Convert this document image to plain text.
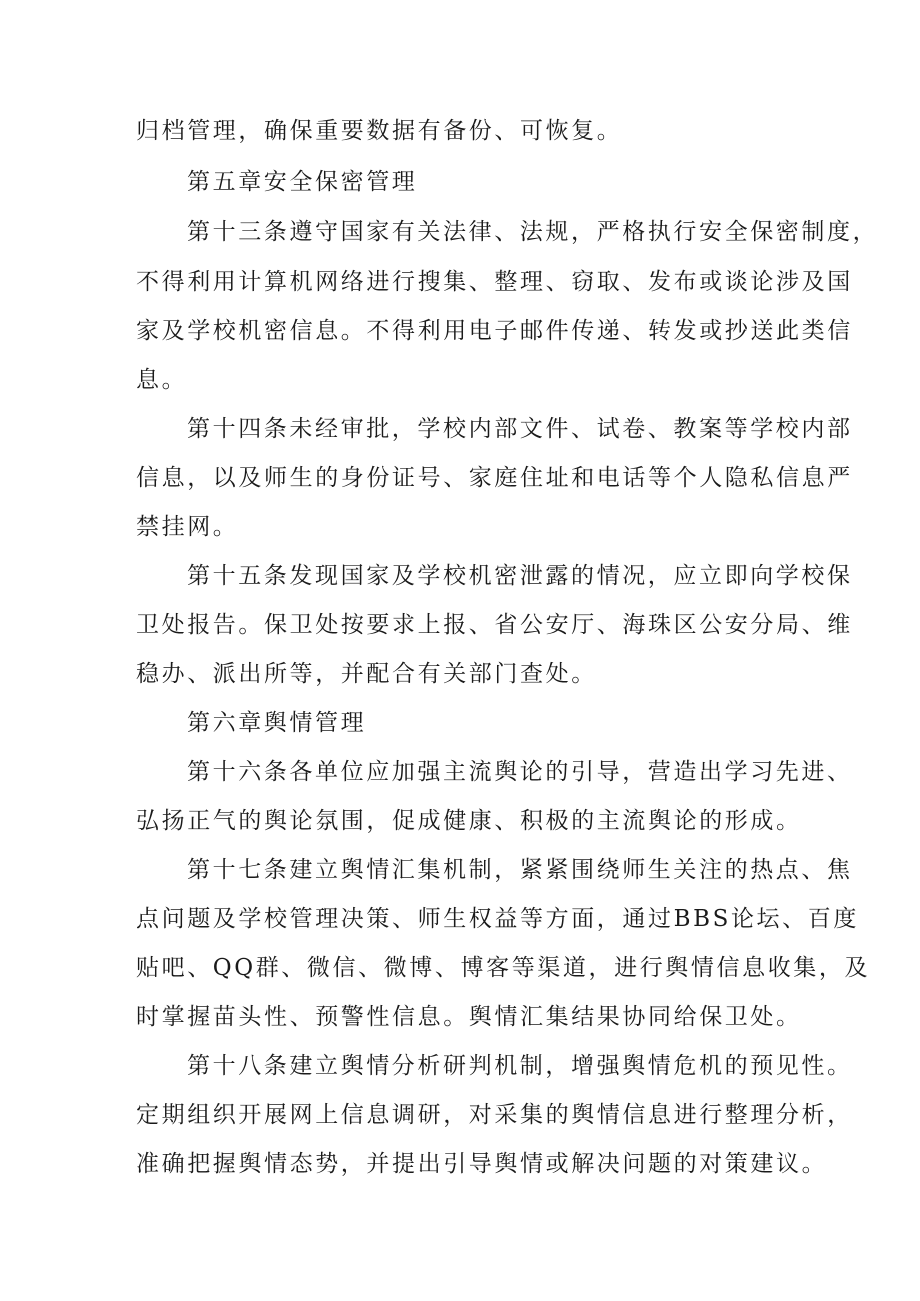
归档管理，确保重要数据有备份、可恢复。
第五章安全保密管理
第十三条遵守国家有关法律、法规，严格执行安全保密制度，
不得利用计算机网络进行搜集、整理、窃取、发布或谈论涉及国
家及学校机密信息。不得利用电子邮件传递、转发或抄送此类信
息。
第十四条未经审批，学校内部文件、试卷、教案等学校内部
信息，以及师生的身份证号、家庭住址和电话等个人隐私信息严
禁挂网。
第十五条发现国家及学校机密泄露的情况，应立即向学校保
卫处报告。保卫处按要求上报、省公安厅、海珠区公安分局、维
稳办、派出所等，并配合有关部门查处。
第六章舆情管理
第十六条各单位应加强主流舆论的引导，营造出学习先进、
弘扬正气的舆论氛围，促成健康、积极的主流舆论的形成。
第十七条建立舆情汇集机制，紧紧围绕师生关注的热点、焦
点问题及学校管理决策、师生权益等方面，通过BBS论坛、百度
贴吧、QQ群、微信、微博、博客等渠道，进行舆情信息收集，及
时掌握苗头性、预警性信息。舆情汇集结果协同给保卫处。
第十八条建立舆情分析研判机制，增强舆情危机的预见性。
定期组织开展网上信息调研，对采集的舆情信息进行整理分析，
准确把握舆情态势，并提出引导舆情或解决问题的对策建议。
